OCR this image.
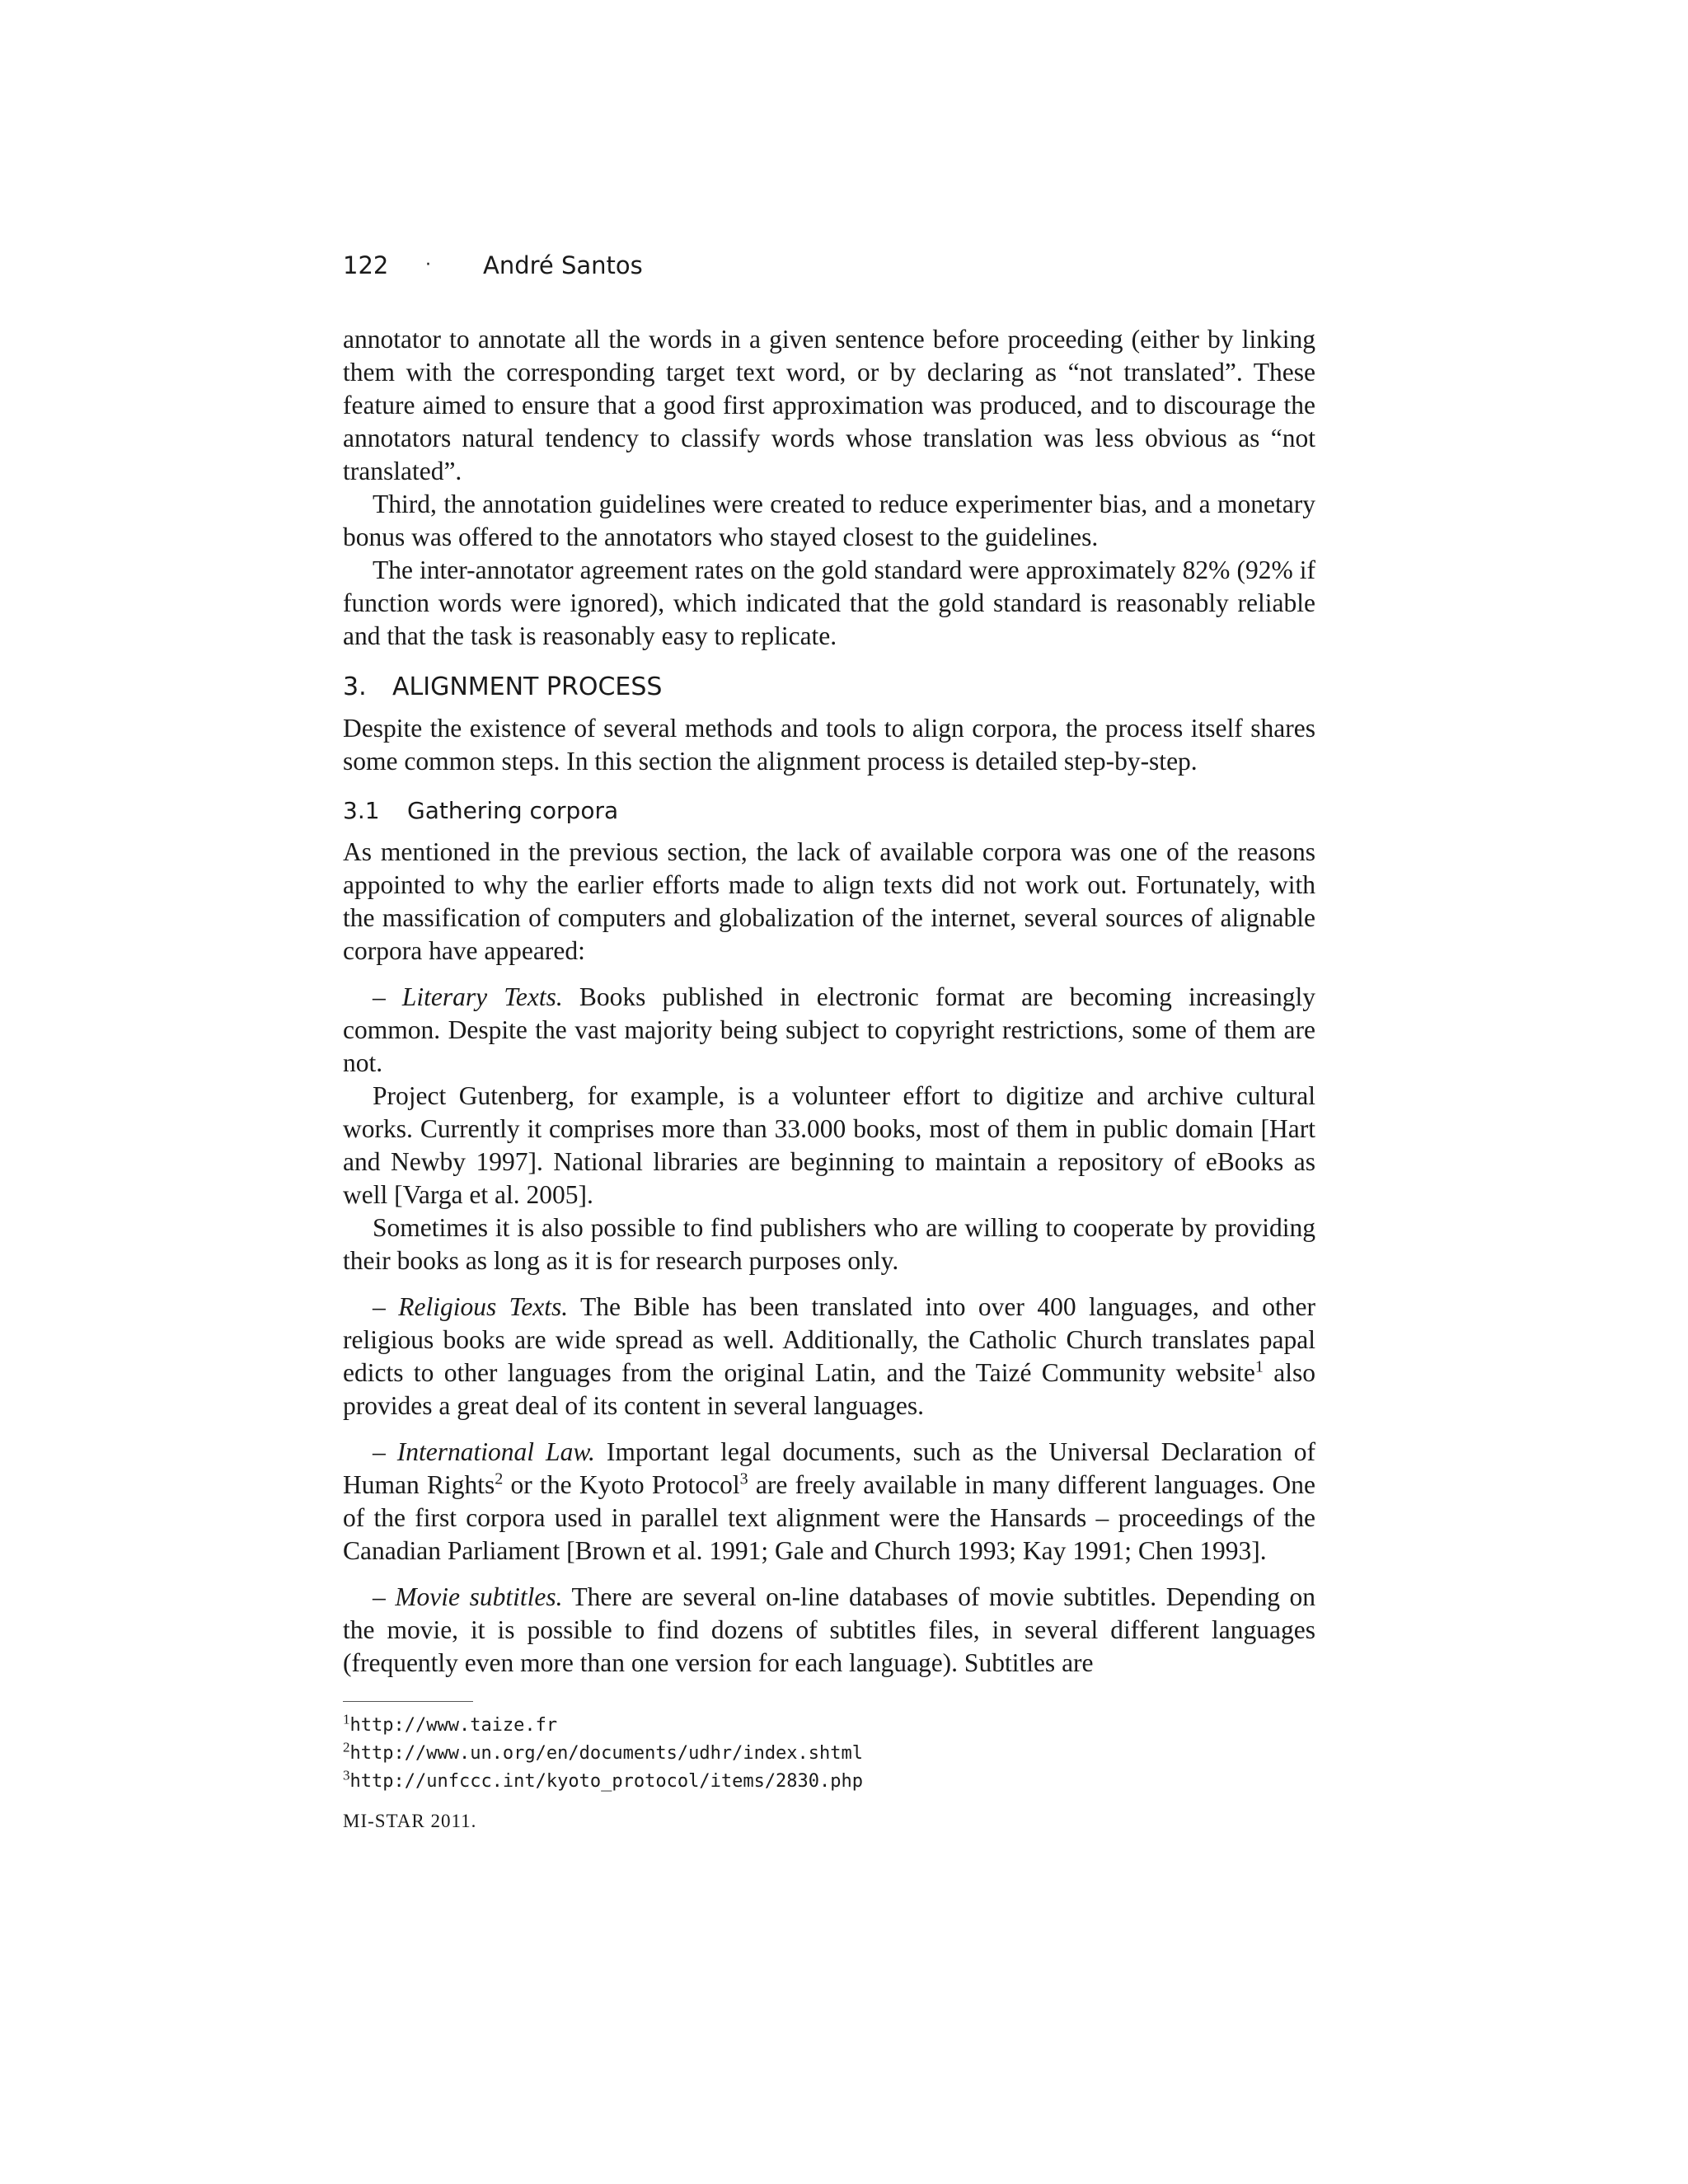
122	·	André Santos

annotator to annotate all the words in a given sentence before proceeding (either by linking them with the corresponding target text word, or by declaring as “not translated”. These feature aimed to ensure that a good first approximation was produced, and to discourage the annotators natural tendency to classify words whose translation was less obvious as “not translated”.

Third, the annotation guidelines were created to reduce experimenter bias, and a monetary bonus was offered to the annotators who stayed closest to the guidelines.

The inter-annotator agreement rates on the gold standard were approximately 82% (92% if function words were ignored), which indicated that the gold standard is reasonably reliable and that the task is reasonably easy to replicate.

3. ALIGNMENT PROCESS

Despite the existence of several methods and tools to align corpora, the process itself shares some common steps. In this section the alignment process is detailed step-by-step.

3.1 Gathering corpora

As mentioned in the previous section, the lack of available corpora was one of the reasons appointed to why the earlier efforts made to align texts did not work out. Fortunately, with the massification of computers and globalization of the internet, several sources of alignable corpora have appeared:

– Literary Texts. Books published in electronic format are becoming increasingly common. Despite the vast majority being subject to copyright restrictions, some of them are not.

Project Gutenberg, for example, is a volunteer effort to digitize and archive cultural works. Currently it comprises more than 33.000 books, most of them in public domain [Hart and Newby 1997]. National libraries are beginning to maintain a repository of eBooks as well [Varga et al. 2005].

Sometimes it is also possible to find publishers who are willing to cooperate by providing their books as long as it is for research purposes only.

– Religious Texts. The Bible has been translated into over 400 languages, and other religious books are wide spread as well. Additionally, the Catholic Church translates papal edicts to other languages from the original Latin, and the Taizé Community website$^1$ also provides a great deal of its content in several languages.

– International Law. Important legal documents, such as the Universal Declaration of Human Rights$^2$ or the Kyoto Protocol$^3$ are freely available in many different languages. One of the first corpora used in parallel text alignment were the Hansards – proceedings of the Canadian Parliament [Brown et al. 1991; Gale and Church 1993; Kay 1991; Chen 1993].

– Movie subtitles. There are several on-line databases of movie subtitles. Depending on the movie, it is possible to find dozens of subtitles files, in several different languages (frequently even more than one version for each language). Subtitles are

$^1$http://www.taize.fr
$^2$http://www.un.org/en/documents/udhr/index.shtml
$^3$http://unfccc.int/kyoto_protocol/items/2830.php
MI-STAR 2011.
